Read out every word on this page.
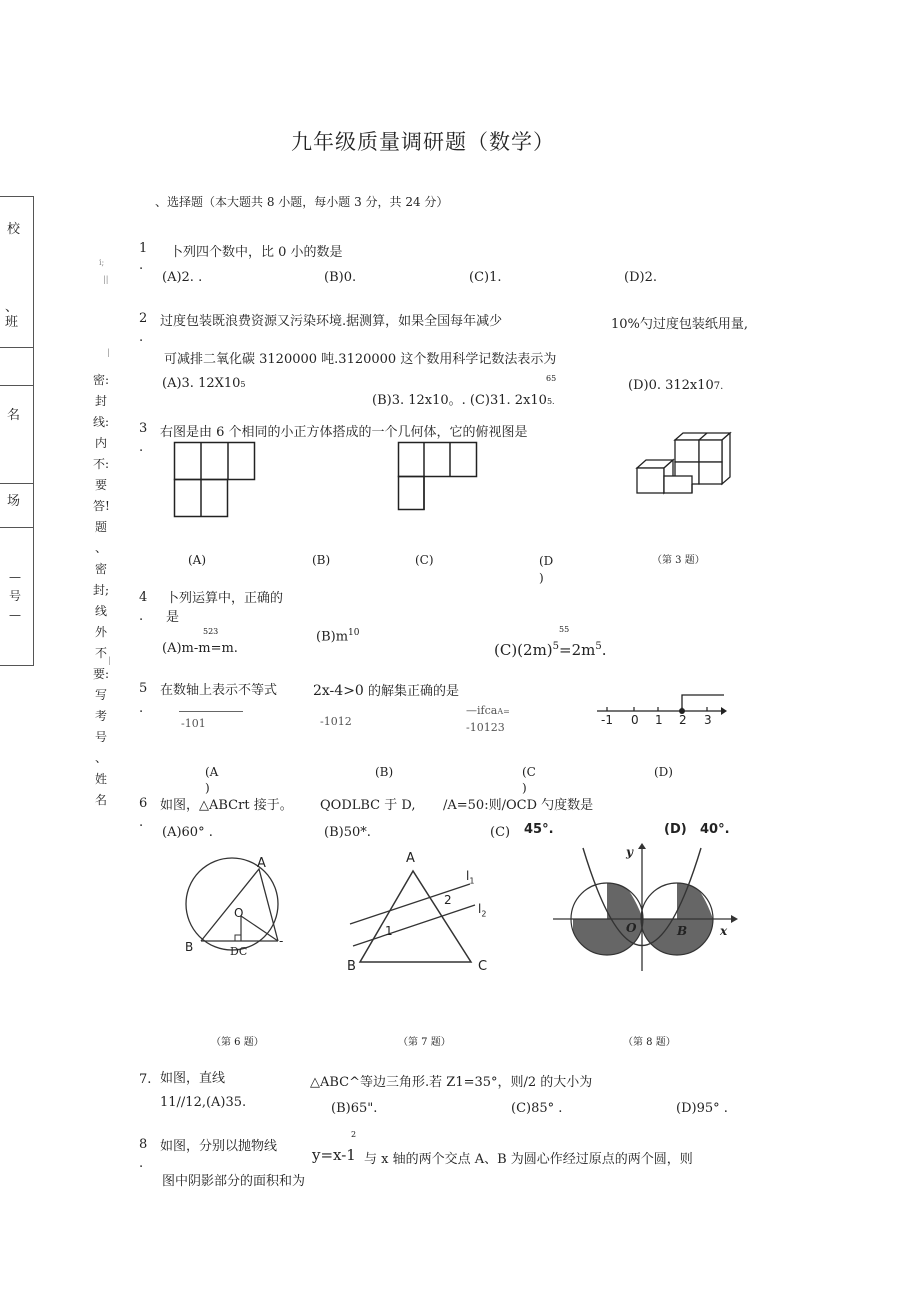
九年级质量调研题（数学）
、选择题（本大题共 8 小题，每小题 3 分，共 24 分）
校
、班
名
场
—号—
i;
||
|
密:
封
线:
内
不:
要
答!
题
、
密
封;
线
外
不
要:
写
考
号
、
姓
名
|
1
.
卜列四个数中，比 0 小的数是
(A)2. .	(B)0.	(C)1.	(D)2.
2
.
过度包装既浪费资源又污染环境.据测算，如果全国每年减少	10%勺过度包装纸用量,
可减排二氧化碳 3120000 吨.3120000 这个数用科学记数法表示为
(A)3. 12X105
65
(B)3. 12x10。. (C)31. 2x105.
(D)0. 312x107.
3
.
右图是由 6 个相同的小正方体搭成的一个几何体，它的俯视图是
(A)	(B)	(C)	(D
)
（第 3 题）
4
.
卜列运算中，正确的
是
523
(A)m-m=m.
$(B)m^{10}$	55
$(C)(2m)^5=2m^5$.
5
.
在数轴上表示不等式	2x-4>0 的解集正确的是
-101	-1012
—ifcaA=
-10123
-1 0 1 2 3
(A
)
(B)	(C
)
(D)
6
.
如图，△ABCrt 接于。 QODLBC 于 D, /A=50:则/OCD 勺度数是
(A)60° .	(B)50*.	(C) 45°.	(D) 40°.
A
O
B	DC
-
A
2
1
B	C
$l_1$
$l_2$
y
A
O	B	x
（第 6 题）	（第 7 题）	（第 8 题）
7. 如图，直线	△ABC^等边三角形.若 Z1=35°，则/2 的大小为
11//12,(A)35.	(B)65".	(C)85° .	(D)95° .
8
.
如图，分别以抛物线
2
y=x-1 与 x 轴的两个交点 A、B 为圆心作经过原点的两个圆，则
图中阴影部分的面积和为
